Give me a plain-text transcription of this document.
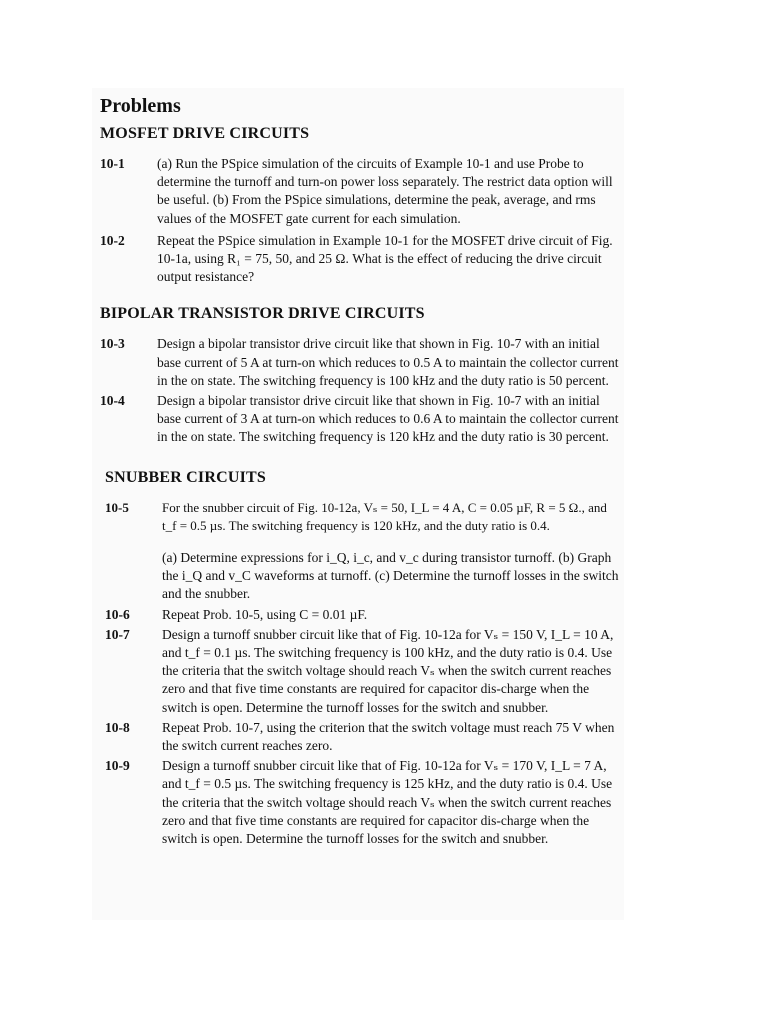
Problems
MOSFET DRIVE CIRCUITS
10-1	(a) Run the PSpice simulation of the circuits of Example 10-1 and use Probe to determine the turnoff and turn-on power loss separately. The restrict data option will be useful. (b) From the PSpice simulations, determine the peak, average, and rms values of the MOSFET gate current for each simulation.
10-2	Repeat the PSpice simulation in Example 10-1 for the MOSFET drive circuit of Fig. 10-1a, using R₁ = 75, 50, and 25 Ω. What is the effect of reducing the drive circuit output resistance?
BIPOLAR TRANSISTOR DRIVE CIRCUITS
10-3	Design a bipolar transistor drive circuit like that shown in Fig. 10-7 with an initial base current of 5 A at turn-on which reduces to 0.5 A to maintain the collector current in the on state. The switching frequency is 100 kHz and the duty ratio is 50 percent.
10-4	Design a bipolar transistor drive circuit like that shown in Fig. 10-7 with an initial base current of 3 A at turn-on which reduces to 0.6 A to maintain the collector current in the on state. The switching frequency is 120 kHz and the duty ratio is 30 percent.
SNUBBER CIRCUITS
10-5	For the snubber circuit of Fig. 10-12a, Vₛ = 50, I_L = 4 A, C = 0.05 µF, R = 5 Ω., and t_f = 0.5 µs. The switching frequency is 120 kHz, and the duty ratio is 0.4.
(a) Determine expressions for i_Q, i_c, and v_c during transistor turnoff. (b) Graph the i_Q and v_C waveforms at turnoff. (c) Determine the turnoff losses in the switch and the snubber.
10-6	Repeat Prob. 10-5, using C = 0.01 µF.
10-7	Design a turnoff snubber circuit like that of Fig. 10-12a for Vₛ = 150 V, I_L = 10 A, and t_f = 0.1 µs. The switching frequency is 100 kHz, and the duty ratio is 0.4. Use the criteria that the switch voltage should reach Vₛ when the switch current reaches zero and that five time constants are required for capacitor dis-charge when the switch is open. Determine the turnoff losses for the switch and snubber.
10-8	Repeat Prob. 10-7, using the criterion that the switch voltage must reach 75 V when the switch current reaches zero.
10-9	Design a turnoff snubber circuit like that of Fig. 10-12a for Vₛ = 170 V, I_L = 7 A, and t_f = 0.5 µs. The switching frequency is 125 kHz, and the duty ratio is 0.4. Use the criteria that the switch voltage should reach Vₛ when the switch current reaches zero and that five time constants are required for capacitor dis-charge when the switch is open. Determine the turnoff losses for the switch and snubber.
